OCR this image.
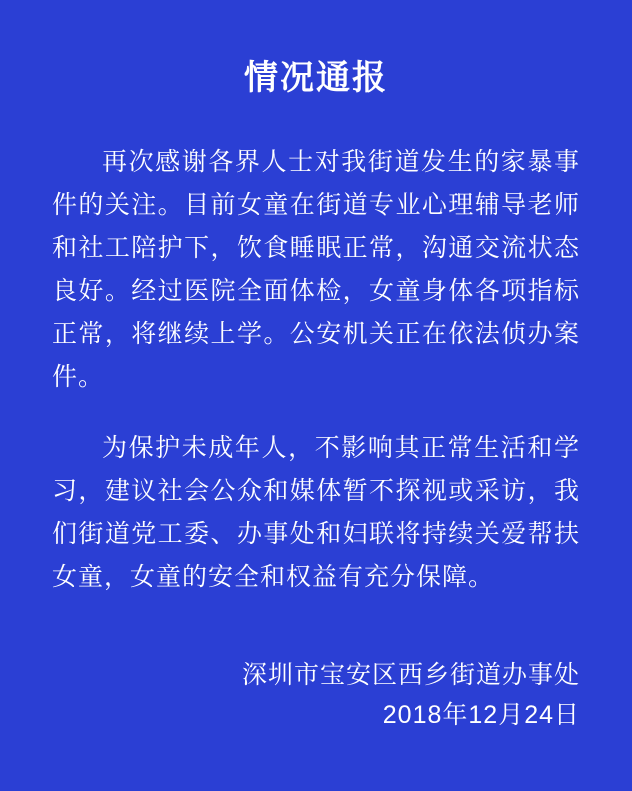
情况通报

再次感谢各界人士对我街道发生的家暴事件的关注。目前女童在街道专业心理辅导老师和社工陪护下，饮食睡眠正常，沟通交流状态良好。经过医院全面体检，女童身体各项指标正常，将继续上学。公安机关正在依法侦办案件。

为保护未成年人，不影响其正常生活和学习，建议社会公众和媒体暂不探视或采访，我们街道党工委、办事处和妇联将持续关爱帮扶女童，女童的安全和权益有充分保障。

深圳市宝安区西乡街道办事处
2018年12月24日
